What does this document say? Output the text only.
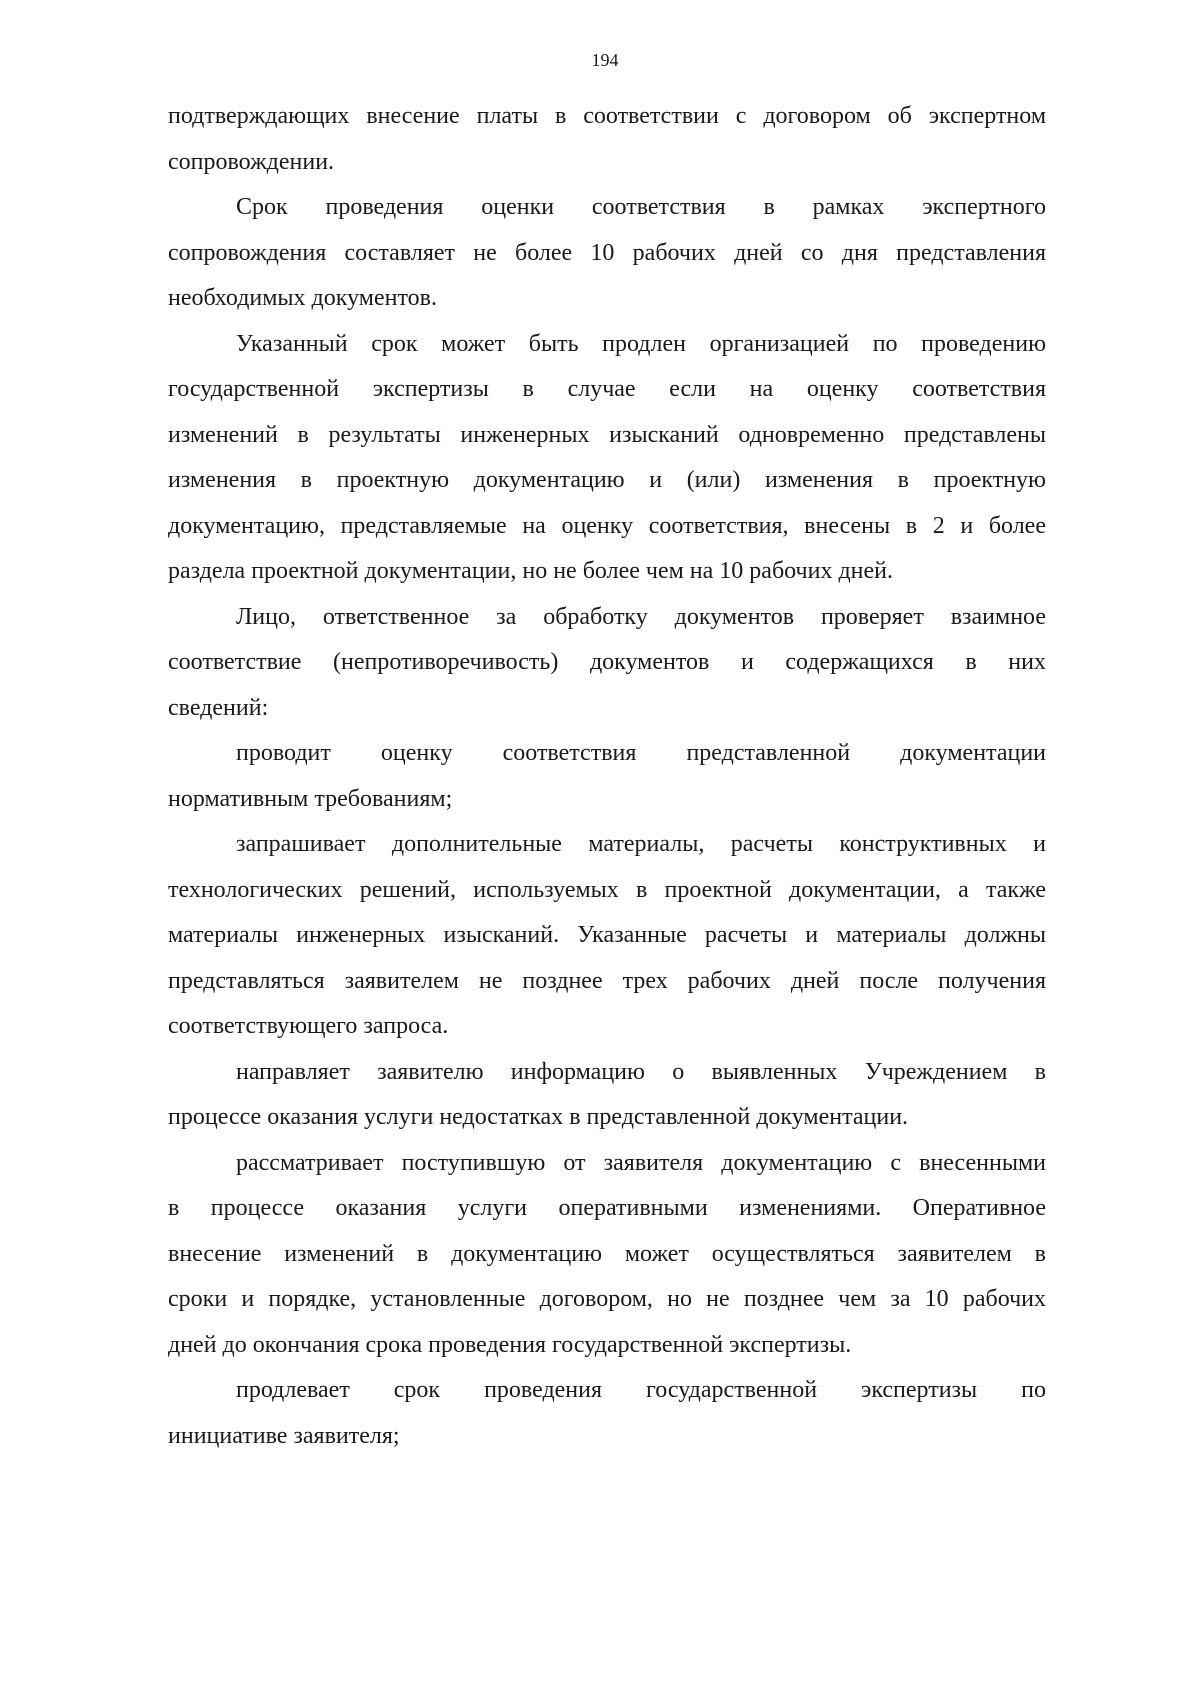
194
подтверждающих внесение платы в соответствии с договором об экспертном
сопровождении.
Срок проведения оценки соответствия в рамках экспертного
сопровождения составляет не более 10 рабочих дней со дня представления
необходимых документов.
Указанный срок может быть продлен организацией по проведению
государственной экспертизы в случае если на оценку соответствия
изменений в результаты инженерных изысканий одновременно представлены
изменения в проектную документацию и (или) изменения в проектную
документацию, представляемые на оценку соответствия, внесены в 2 и более
раздела проектной документации, но не более чем на 10 рабочих дней.
Лицо, ответственное за обработку документов проверяет взаимное
соответствие (непротиворечивость) документов и содержащихся в них
сведений:
проводит оценку соответствия представленной документации
нормативным требованиям;
запрашивает дополнительные материалы, расчеты конструктивных и
технологических решений, используемых в проектной документации, а также
материалы инженерных изысканий. Указанные расчеты и материалы должны
представляться заявителем не позднее трех рабочих дней после получения
соответствующего запроса.
направляет заявителю информацию о выявленных Учреждением в
процессе оказания услуги недостатках в представленной документации.
рассматривает поступившую от заявителя документацию с внесенными
в процессе оказания услуги оперативными изменениями. Оперативное
внесение изменений в документацию может осуществляться заявителем в
сроки и порядке, установленные договором, но не позднее чем за 10 рабочих
дней до окончания срока проведения государственной экспертизы.
продлевает срок проведения государственной экспертизы по
инициативе заявителя;
